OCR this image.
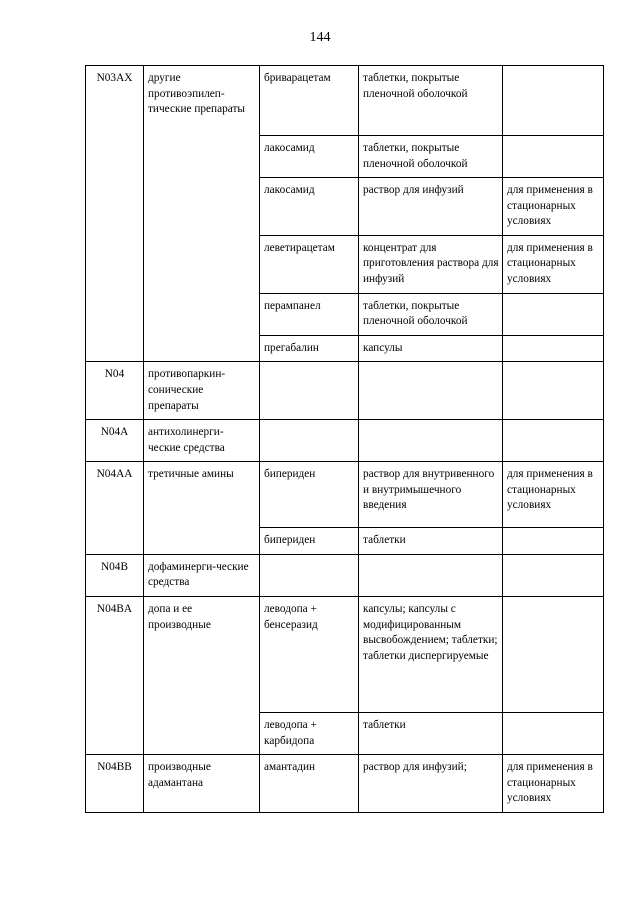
144
N03AX	другие противоэпилеп-тические препараты	бриварацетам	таблетки, покрытые пленочной оболочкой	
		лакосамид	таблетки, покрытые пленочной оболочкой	
		лакосамид	раствор для инфузий	для применения в стационарных условиях
		леветирацетам	концентрат для приготовления раствора для инфузий	для применения в стационарных условиях
		перампанел	таблетки, покрытые пленочной оболочкой	
		прегабалин	капсулы	
N04	противопаркин-сонические препараты			
N04A	антихолинерги-ческие средства			
N04AA	третичные амины	бипериден	раствор для внутривенного и внутримышечного введения	для применения в стационарных условиях
		бипериден	таблетки	
N04B	дофаминерги-ческие средства			
N04BA	допа и ее производные	леводопа + бенсеразид	капсулы; капсулы с модифицированным высвобождением; таблетки; таблетки диспергируемые	
		леводопа + карбидопа	таблетки	
N04BB	производные адамантана	амантадин	раствор для инфузий;	для применения в стационарных условиях
